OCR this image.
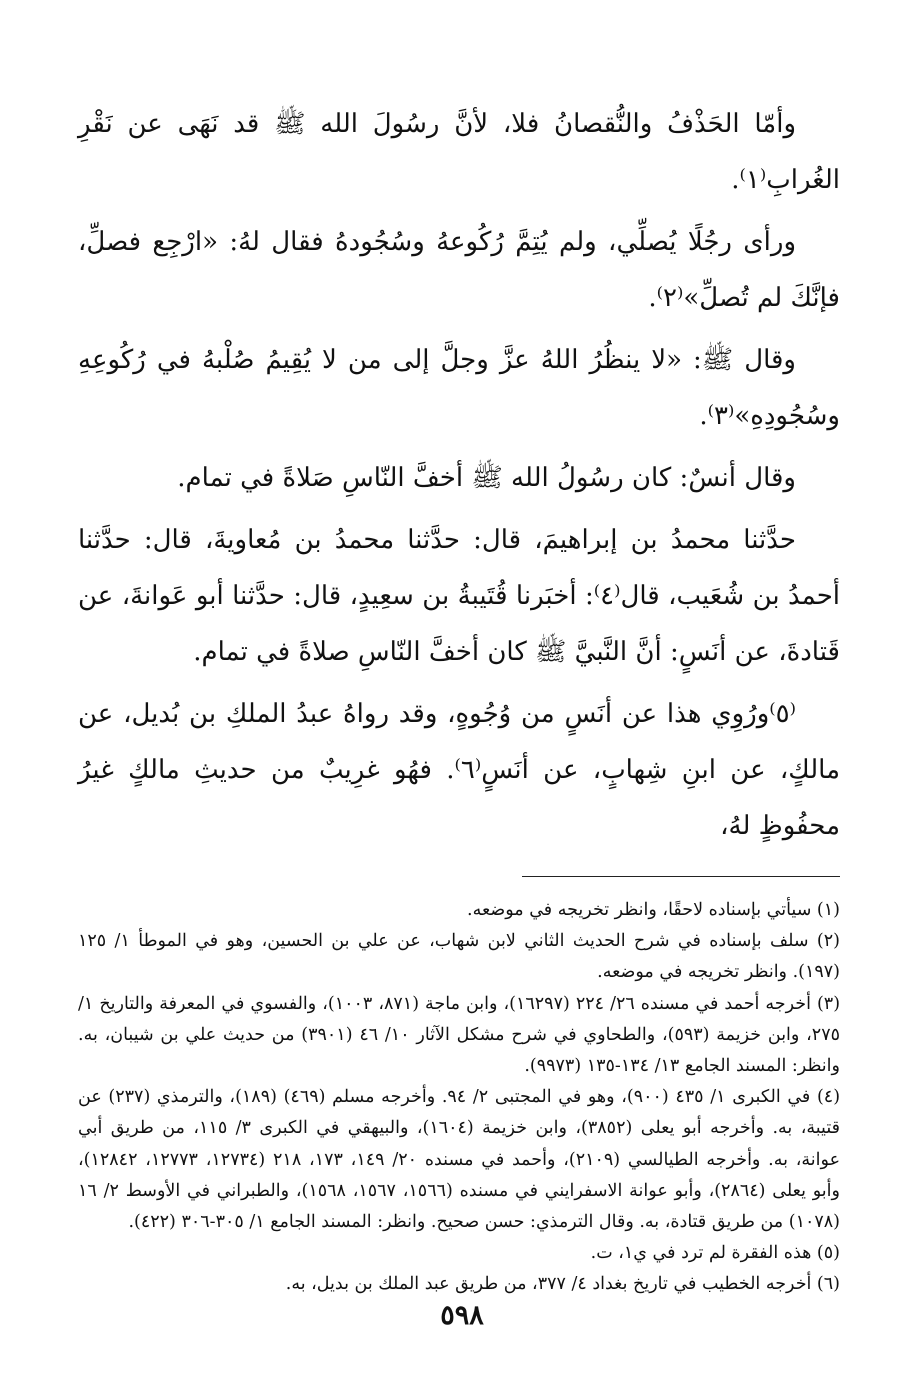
وأمّا الحَذْفُ والنُّقصانُ فلا، لأنَّ رسُولَ الله ﷺ قد نَهَى عن نَقْرِ الغُرابِ⁽١⁾.

ورأى رجُلًا يُصلِّي، ولم يُتِمَّ رُكُوعهُ وسُجُودهُ فقال لهُ: «ارْجِع فصلِّ، فإنَّكَ لم تُصلِّ»⁽٢⁾.

وقال ﷺ: «لا ينظُرُ اللهُ عزَّ وجلَّ إلى من لا يُقِيمُ صُلْبهُ في رُكُوعِهِ وسُجُودِهِ»⁽٣⁾.

وقال أنسٌ: كان رسُولُ الله ﷺ أخفَّ النّاسِ صَلاةً في تمام.

حدَّثنا محمدُ بن إبراهيمَ، قال: حدَّثنا محمدُ بن مُعاويةَ، قال: حدَّثنا أحمدُ بن شُعَيب، قال⁽٤⁾: أخبَرنا قُتَيبةُ بن سعِيدٍ، قال: حدَّثنا أبو عَوانةَ، عن قَتادةَ، عن أنَسٍ: أنَّ النَّبيَّ ﷺ كان أخفَّ النّاسِ صلاةً في تمام.

⁽٥⁾ورُوِي هذا عن أنَسٍ من وُجُوهٍ، وقد رواهُ عبدُ الملكِ بن بُديل، عن مالكٍ، عن ابنِ شِهابٍ، عن أنَسٍ⁽٦⁾. فهُو غرِيبٌ من حديثِ مالكٍ غيرُ محفُوظٍ لهُ،

(١) سيأتي بإسناده لاحقًا، وانظر تخريجه في موضعه.

(٢) سلف بإسناده في شرح الحديث الثاني لابن شهاب، عن علي بن الحسين، وهو في الموطأ ١/ ١٢٥ (١٩٧). وانظر تخريجه في موضعه.

(٣) أخرجه أحمد في مسنده ٢٦/ ٢٢٤ (١٦٢٩٧)، وابن ماجة (٨٧١، ١٠٠٣)، والفسوي في المعرفة والتاريخ ١/ ٢٧٥، وابن خزيمة (٥٩٣)، والطحاوي في شرح مشكل الآثار ١٠/ ٤٦ (٣٩٠١) من حديث علي بن شيبان، به. وانظر: المسند الجامع ١٣/ ١٣٤-١٣٥ (٩٩٧٣).

(٤) في الكبرى ١/ ٤٣٥ (٩٠٠)، وهو في المجتبى ٢/ ٩٤. وأخرجه مسلم (٤٦٩) (١٨٩)، والترمذي (٢٣٧) عن قتيبة، به. وأخرجه أبو يعلى (٣٨٥٢)، وابن خزيمة (١٦٠٤)، والبيهقي في الكبرى ٣/ ١١٥، من طريق أبي عوانة، به. وأخرجه الطيالسي (٢١٠٩)، وأحمد في مسنده ٢٠/ ١٤٩، ١٧٣، ٢١٨ (١٢٧٣٤، ١٢٧٧٣، ١٢٨٤٢)، وأبو يعلى (٢٨٦٤)، وأبو عوانة الاسفرايني في مسنده (١٥٦٦، ١٥٦٧، ١٥٦٨)، والطبراني في الأوسط ٢/ ١٦ (١٠٧٨) من طريق قتادة، به. وقال الترمذي: حسن صحيح. وانظر: المسند الجامع ١/ ٣٠٥-٣٠٦ (٤٢٢).

(٥) هذه الفقرة لم ترد في ي١، ت.

(٦) أخرجه الخطيب في تاريخ بغداد ٤/ ٣٧٧، من طريق عبد الملك بن بديل، به.

٥٩٨
